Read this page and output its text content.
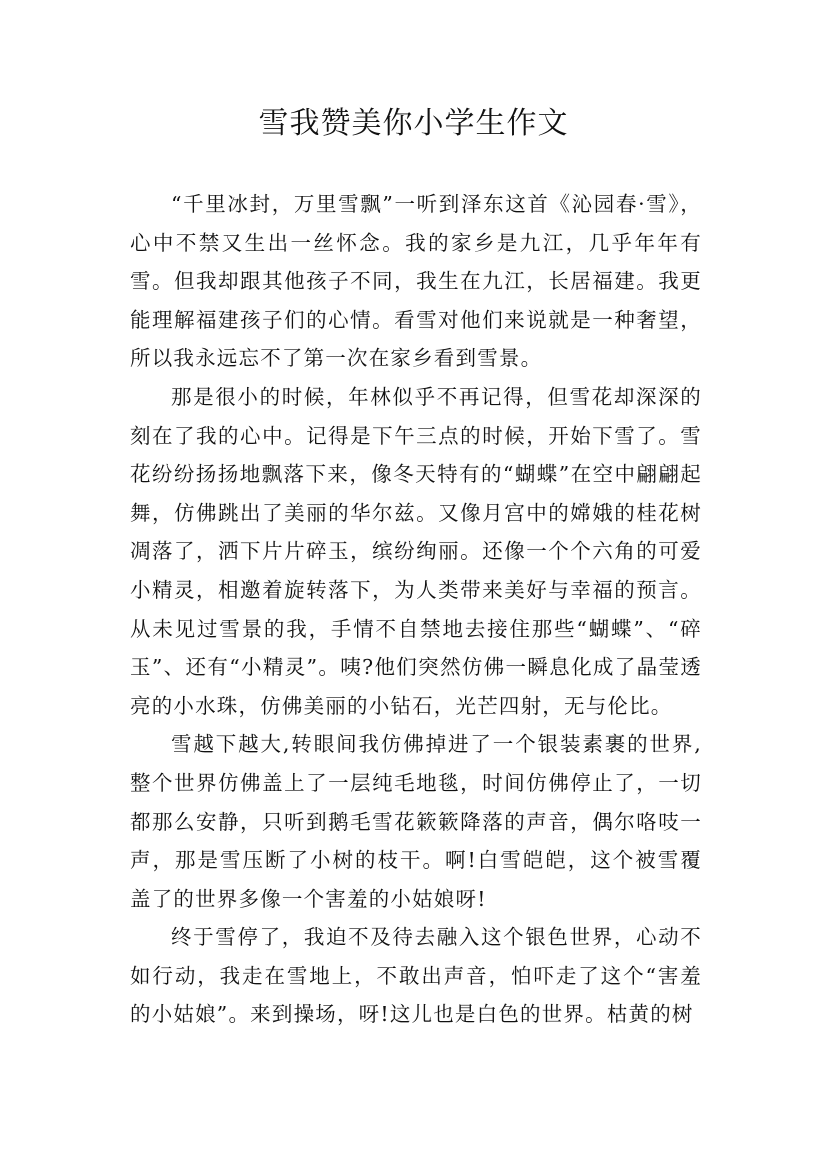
雪我赞美你小学生作文

“千里冰封，万里雪飘”一听到泽东这首《沁园春·雪》，心中不禁又生出一丝怀念。我的家乡是九江，几乎年年有雪。但我却跟其他孩子不同，我生在九江，长居福建。我更能理解福建孩子们的心情。看雪对他们来说就是一种奢望，所以我永远忘不了第一次在家乡看到雪景。

那是很小的时候，年林似乎不再记得，但雪花却深深的刻在了我的心中。记得是下午三点的时候，开始下雪了。雪花纷纷扬扬地飘落下来，像冬天特有的“蝴蝶”在空中翩翩起舞，仿佛跳出了美丽的华尔兹。又像月宫中的嫦娥的桂花树凋落了，洒下片片碎玉，缤纷绚丽。还像一个个六角的可爱小精灵，相邀着旋转落下，为人类带来美好与幸福的预言。从未见过雪景的我，手情不自禁地去接住那些“蝴蝶”、“碎玉”、还有“小精灵”。咦?他们突然仿佛一瞬息化成了晶莹透亮的小水珠，仿佛美丽的小钻石，光芒四射，无与伦比。

雪越下越大,转眼间我仿佛掉进了一个银装素裹的世界,整个世界仿佛盖上了一层纯毛地毯，时间仿佛停止了，一切都那么安静，只听到鹅毛雪花簌簌降落的声音，偶尔咯吱一声，那是雪压断了小树的枝干。啊!白雪皑皑，这个被雪覆盖了的世界多像一个害羞的小姑娘呀!

终于雪停了，我迫不及待去融入这个银色世界，心动不如行动，我走在雪地上，不敢出声音，怕吓走了这个“害羞的小姑娘”。来到操场，呀!这儿也是白色的世界。枯黄的树
